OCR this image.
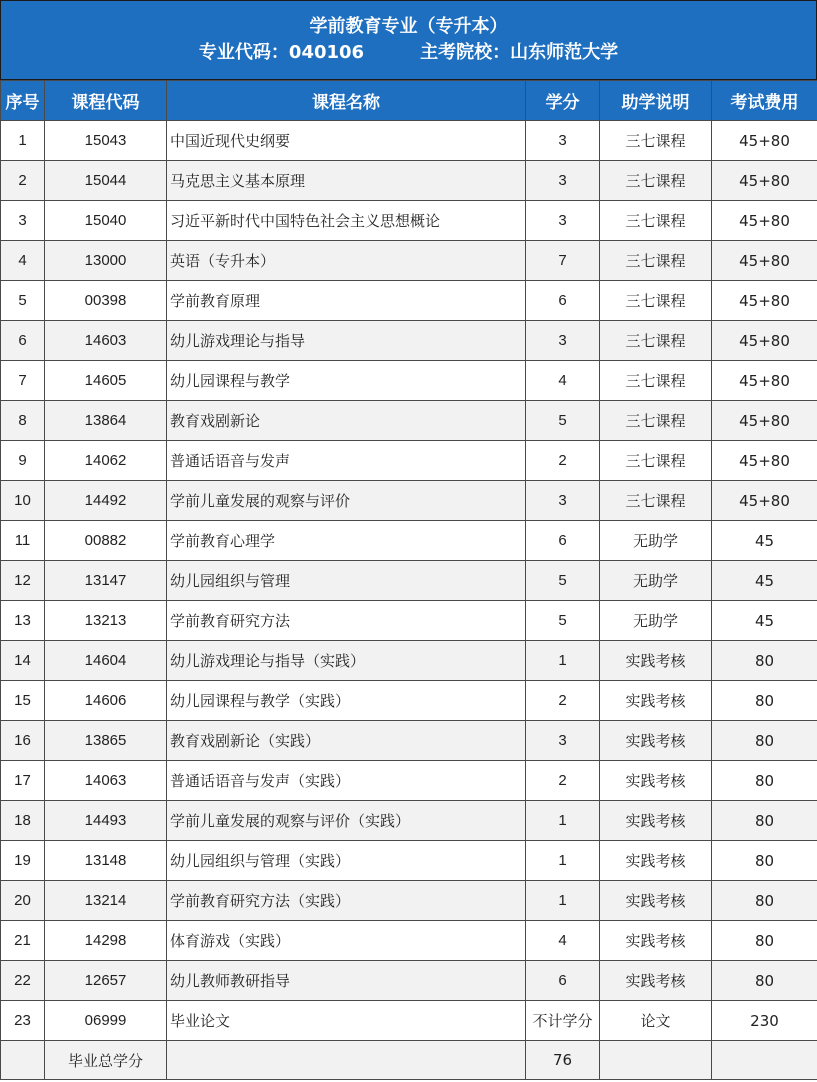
学前教育专业（专升本）
专业代码：040106	主考院校：山东师范大学
序号	课程代码	课程名称	学分	助学说明	考试费用
1	15043	中国近现代史纲要	3	三七课程	45+80
2	15044	马克思主义基本原理	3	三七课程	45+80
3	15040	习近平新时代中国特色社会主义思想概论	3	三七课程	45+80
4	13000	英语（专升本）	7	三七课程	45+80
5	00398	学前教育原理	6	三七课程	45+80
6	14603	幼儿游戏理论与指导	3	三七课程	45+80
7	14605	幼儿园课程与教学	4	三七课程	45+80
8	13864	教育戏剧新论	5	三七课程	45+80
9	14062	普通话语音与发声	2	三七课程	45+80
10	14492	学前儿童发展的观察与评价	3	三七课程	45+80
11	00882	学前教育心理学	6	无助学	45
12	13147	幼儿园组织与管理	5	无助学	45
13	13213	学前教育研究方法	5	无助学	45
14	14604	幼儿游戏理论与指导（实践）	1	实践考核	80
15	14606	幼儿园课程与教学（实践）	2	实践考核	80
16	13865	教育戏剧新论（实践）	3	实践考核	80
17	14063	普通话语音与发声（实践）	2	实践考核	80
18	14493	学前儿童发展的观察与评价（实践）	1	实践考核	80
19	13148	幼儿园组织与管理（实践）	1	实践考核	80
20	13214	学前教育研究方法（实践）	1	实践考核	80
21	14298	体育游戏（实践）	4	实践考核	80
22	12657	幼儿教师教研指导	6	实践考核	80
23	06999	毕业论文	不计学分	论文	230
	毕业总学分		76		
